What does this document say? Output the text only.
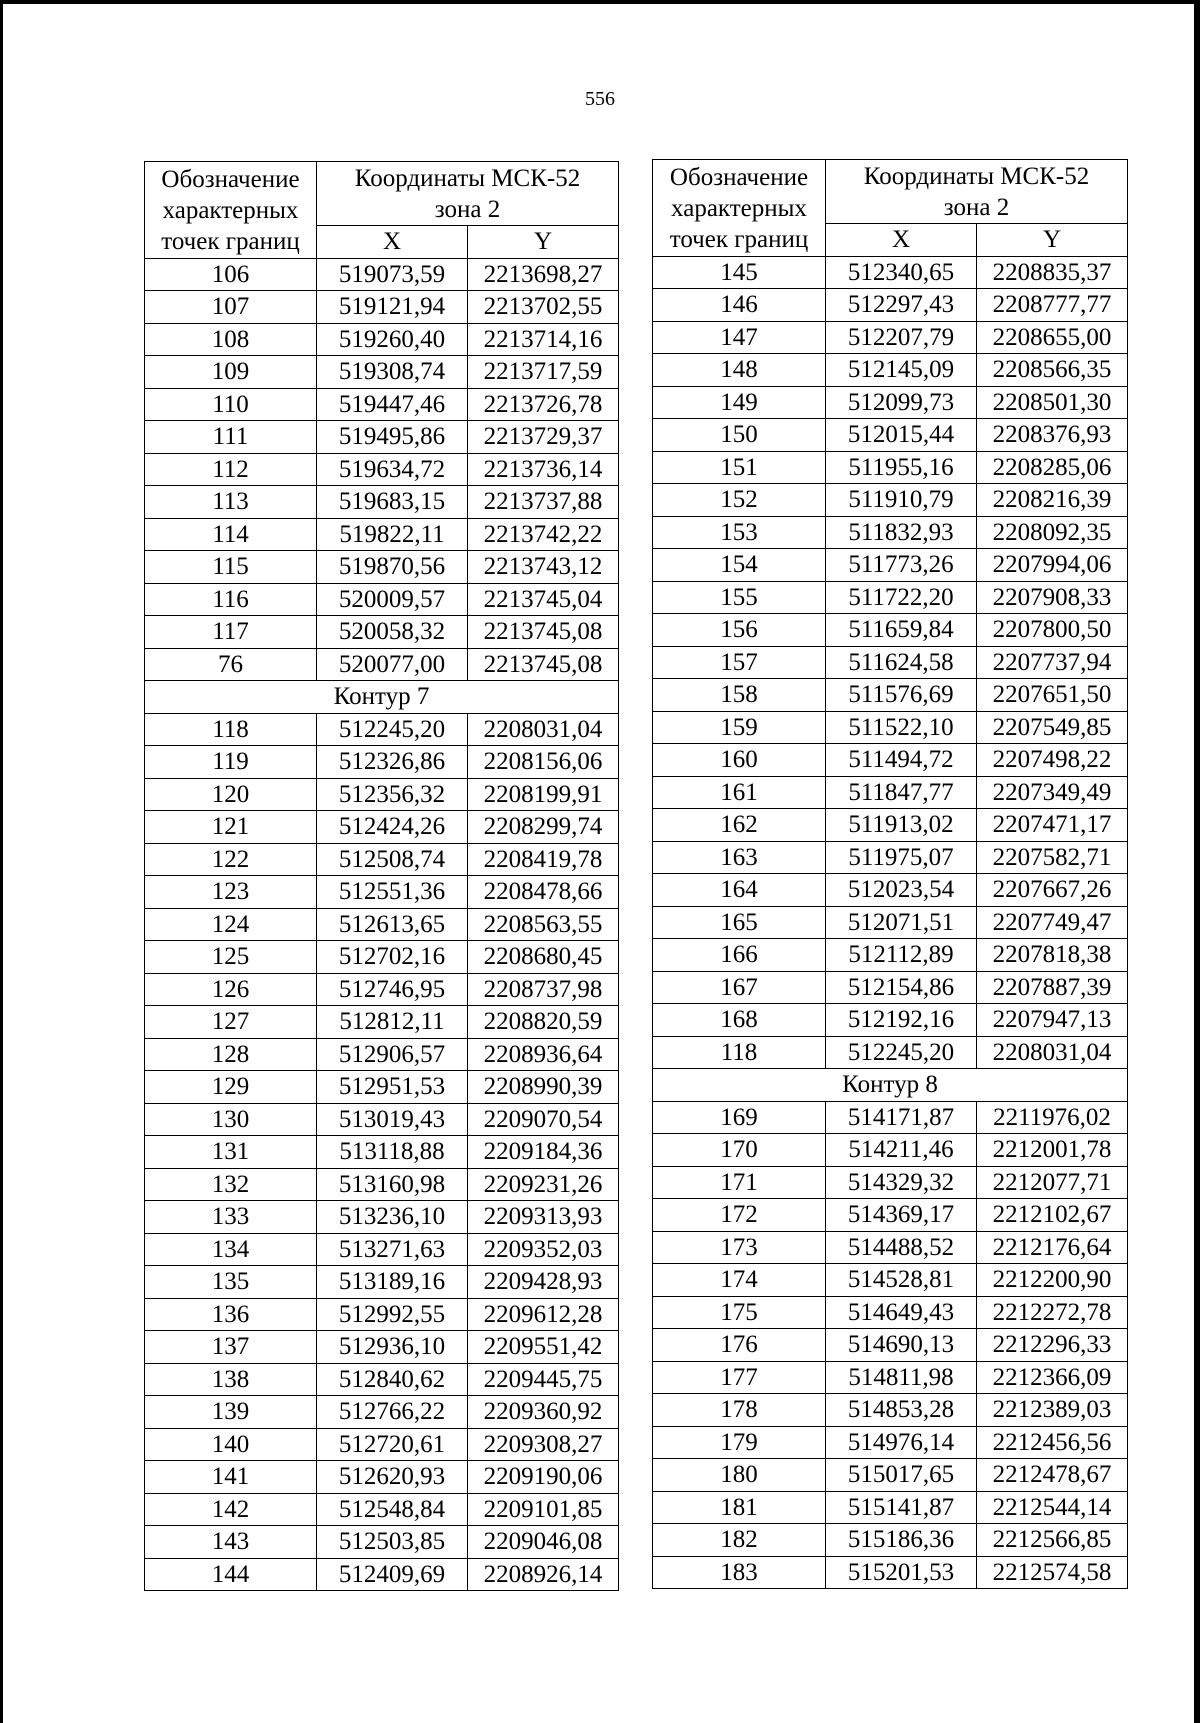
556
Обозначение характерных точек границ	Координаты МСК-52 зона 2	
	X	Y
106	519073,59	2213698,27
107	519121,94	2213702,55
108	519260,40	2213714,16
109	519308,74	2213717,59
110	519447,46	2213726,78
111	519495,86	2213729,37
112	519634,72	2213736,14
113	519683,15	2213737,88
114	519822,11	2213742,22
115	519870,56	2213743,12
116	520009,57	2213745,04
117	520058,32	2213745,08
76	520077,00	2213745,08
Контур 7		
118	512245,20	2208031,04
119	512326,86	2208156,06
120	512356,32	2208199,91
121	512424,26	2208299,74
122	512508,74	2208419,78
123	512551,36	2208478,66
124	512613,65	2208563,55
125	512702,16	2208680,45
126	512746,95	2208737,98
127	512812,11	2208820,59
128	512906,57	2208936,64
129	512951,53	2208990,39
130	513019,43	2209070,54
131	513118,88	2209184,36
132	513160,98	2209231,26
133	513236,10	2209313,93
134	513271,63	2209352,03
135	513189,16	2209428,93
136	512992,55	2209612,28
137	512936,10	2209551,42
138	512840,62	2209445,75
139	512766,22	2209360,92
140	512720,61	2209308,27
141	512620,93	2209190,06
142	512548,84	2209101,85
143	512503,85	2209046,08
144	512409,69	2208926,14
Обозначение характерных точек границ	Координаты МСК-52 зона 2	
	X	Y
145	512340,65	2208835,37
146	512297,43	2208777,77
147	512207,79	2208655,00
148	512145,09	2208566,35
149	512099,73	2208501,30
150	512015,44	2208376,93
151	511955,16	2208285,06
152	511910,79	2208216,39
153	511832,93	2208092,35
154	511773,26	2207994,06
155	511722,20	2207908,33
156	511659,84	2207800,50
157	511624,58	2207737,94
158	511576,69	2207651,50
159	511522,10	2207549,85
160	511494,72	2207498,22
161	511847,77	2207349,49
162	511913,02	2207471,17
163	511975,07	2207582,71
164	512023,54	2207667,26
165	512071,51	2207749,47
166	512112,89	2207818,38
167	512154,86	2207887,39
168	512192,16	2207947,13
118	512245,20	2208031,04
Контур 8		
169	514171,87	2211976,02
170	514211,46	2212001,78
171	514329,32	2212077,71
172	514369,17	2212102,67
173	514488,52	2212176,64
174	514528,81	2212200,90
175	514649,43	2212272,78
176	514690,13	2212296,33
177	514811,98	2212366,09
178	514853,28	2212389,03
179	514976,14	2212456,56
180	515017,65	2212478,67
181	515141,87	2212544,14
182	515186,36	2212566,85
183	515201,53	2212574,58
